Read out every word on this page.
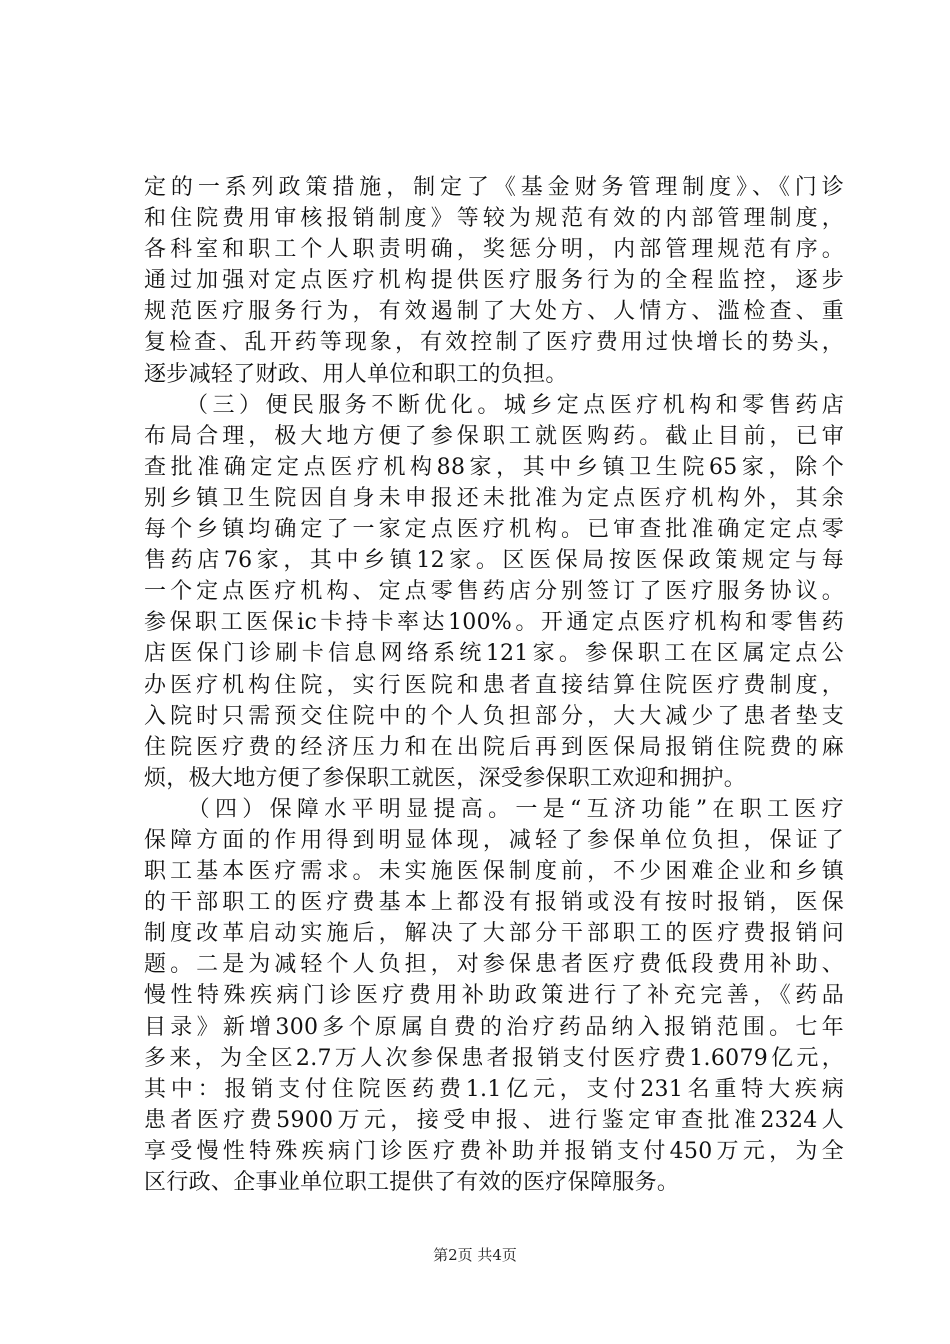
定的一系列政策措施，制定了《基金财务管理制度》、《门诊
和住院费用审核报销制度》等较为规范有效的内部管理制度，
各科室和职工个人职责明确，奖惩分明，内部管理规范有序。
通过加强对定点医疗机构提供医疗服务行为的全程监控，逐步
规范医疗服务行为，有效遏制了大处方、人情方、滥检查、重
复检查、乱开药等现象，有效控制了医疗费用过快增长的势头，
逐步减轻了财政、用人单位和职工的负担。
　　（三）便民服务不断优化。城乡定点医疗机构和零售药店
布局合理，极大地方便了参保职工就医购药。截止目前，已审
查批准确定定点医疗机构88家，其中乡镇卫生院65家，除个
别乡镇卫生院因自身未申报还未批准为定点医疗机构外，其余
每个乡镇均确定了一家定点医疗机构。已审查批准确定定点零
售药店76家，其中乡镇12家。区医保局按医保政策规定与每
一个定点医疗机构、定点零售药店分别签订了医疗服务协议。
参保职工医保ic卡持卡率达100%。开通定点医疗机构和零售药
店医保门诊刷卡信息网络系统121家。参保职工在区属定点公
办医疗机构住院，实行医院和患者直接结算住院医疗费制度，
入院时只需预交住院中的个人负担部分，大大减少了患者垫支
住院医疗费的经济压力和在出院后再到医保局报销住院费的麻
烦，极大地方便了参保职工就医，深受参保职工欢迎和拥护。
　　（四）保障水平明显提高。一是“互济功能”在职工医疗
保障方面的作用得到明显体现，减轻了参保单位负担，保证了
职工基本医疗需求。未实施医保制度前，不少困难企业和乡镇
的干部职工的医疗费基本上都没有报销或没有按时报销，医保
制度改革启动实施后，解决了大部分干部职工的医疗费报销问
题。二是为减轻个人负担，对参保患者医疗费低段费用补助、
慢性特殊疾病门诊医疗费用补助政策进行了补充完善，《药品
目录》新增300多个原属自费的治疗药品纳入报销范围。七年
多来，为全区2.7万人次参保患者报销支付医疗费1.6079亿元，
其中：报销支付住院医药费1.1亿元，支付231名重特大疾病
患者医疗费5900万元，接受申报、进行鉴定审查批准2324人
享受慢性特殊疾病门诊医疗费补助并报销支付450万元，为全
区行政、企事业单位职工提供了有效的医疗保障服务。
第2页 共4页
